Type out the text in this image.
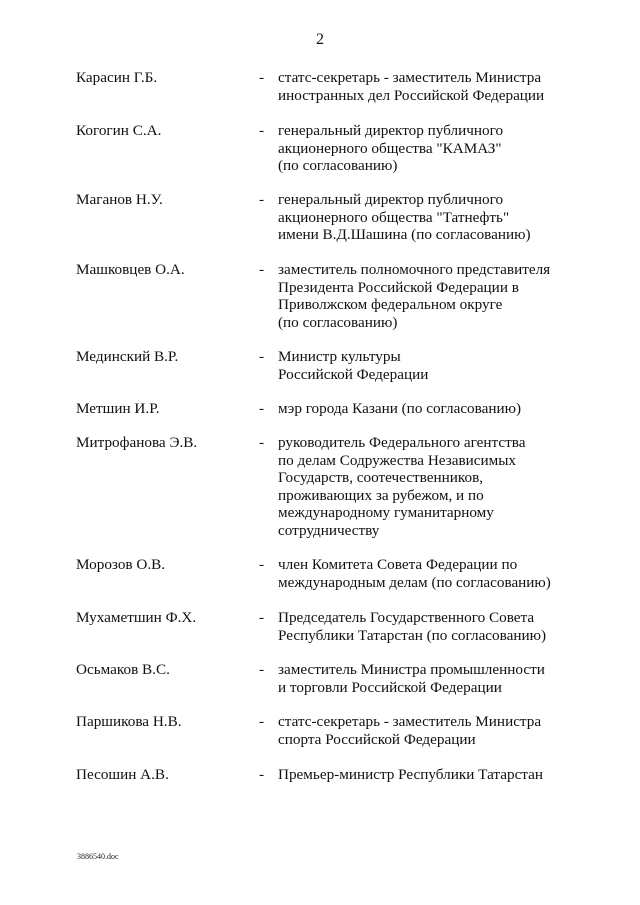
2
Карасин Г.Б.	- статс-секретарь - заместитель Министра
иностранных дел Российской Федерации
Когогин С.А.	- генеральный директор публичного
акционерного общества "КАМАЗ"
(по согласованию)
Маганов Н.У.	- генеральный директор публичного
акционерного общества "Татнефть"
имени В.Д.Шашина (по согласованию)
Машковцев О.А.	- заместитель полномочного представителя
Президента Российской Федерации в
Приволжском федеральном округе
(по согласованию)
Мединский В.Р.	- Министр культуры
Российской Федерации
Метшин И.Р.	- мэр города Казани (по согласованию)
Митрофанова Э.В.	- руководитель Федерального агентства
по делам Содружества Независимых
Государств, соотечественников,
проживающих за рубежом, и по
международному гуманитарному
сотрудничеству
Морозов О.В.	- член Комитета Совета Федерации по
международным делам (по согласованию)
Мухаметшин Ф.Х.	- Председатель Государственного Совета
Республики Татарстан (по согласованию)
Осьмаков В.С.	- заместитель Министра промышленности
и торговли Российской Федерации
Паршикова Н.В.	- статс-секретарь - заместитель Министра
спорта Российской Федерации
Песошин А.В.	- Премьер-министр Республики Татарстан
3886540.doc
